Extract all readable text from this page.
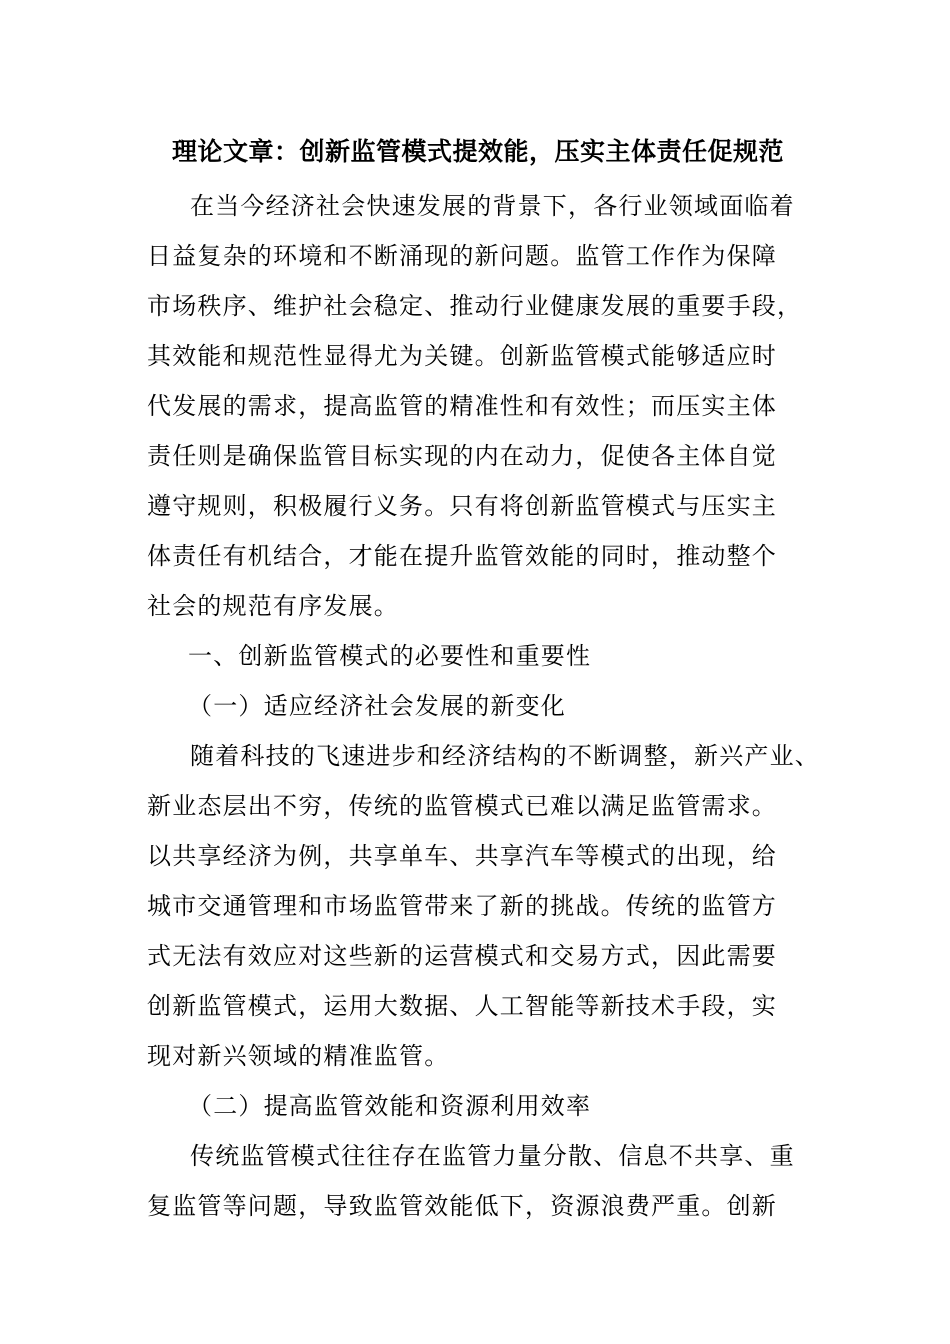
理论文章：创新监管模式提效能，压实主体责任促规范
在当今经济社会快速发展的背景下，各行业领域面临着
日益复杂的环境和不断涌现的新问题。监管工作作为保障
市场秩序、维护社会稳定、推动行业健康发展的重要手段，
其效能和规范性显得尤为关键。创新监管模式能够适应时
代发展的需求，提高监管的精准性和有效性；而压实主体
责任则是确保监管目标实现的内在动力，促使各主体自觉
遵守规则，积极履行义务。只有将创新监管模式与压实主
体责任有机结合，才能在提升监管效能的同时，推动整个
社会的规范有序发展。
一、创新监管模式的必要性和重要性
（一）适应经济社会发展的新变化
随着科技的飞速进步和经济结构的不断调整，新兴产业、
新业态层出不穷，传统的监管模式已难以满足监管需求。
以共享经济为例，共享单车、共享汽车等模式的出现，给
城市交通管理和市场监管带来了新的挑战。传统的监管方
式无法有效应对这些新的运营模式和交易方式，因此需要
创新监管模式，运用大数据、人工智能等新技术手段，实
现对新兴领域的精准监管。
（二）提高监管效能和资源利用效率
传统监管模式往往存在监管力量分散、信息不共享、重
复监管等问题，导致监管效能低下，资源浪费严重。创新
